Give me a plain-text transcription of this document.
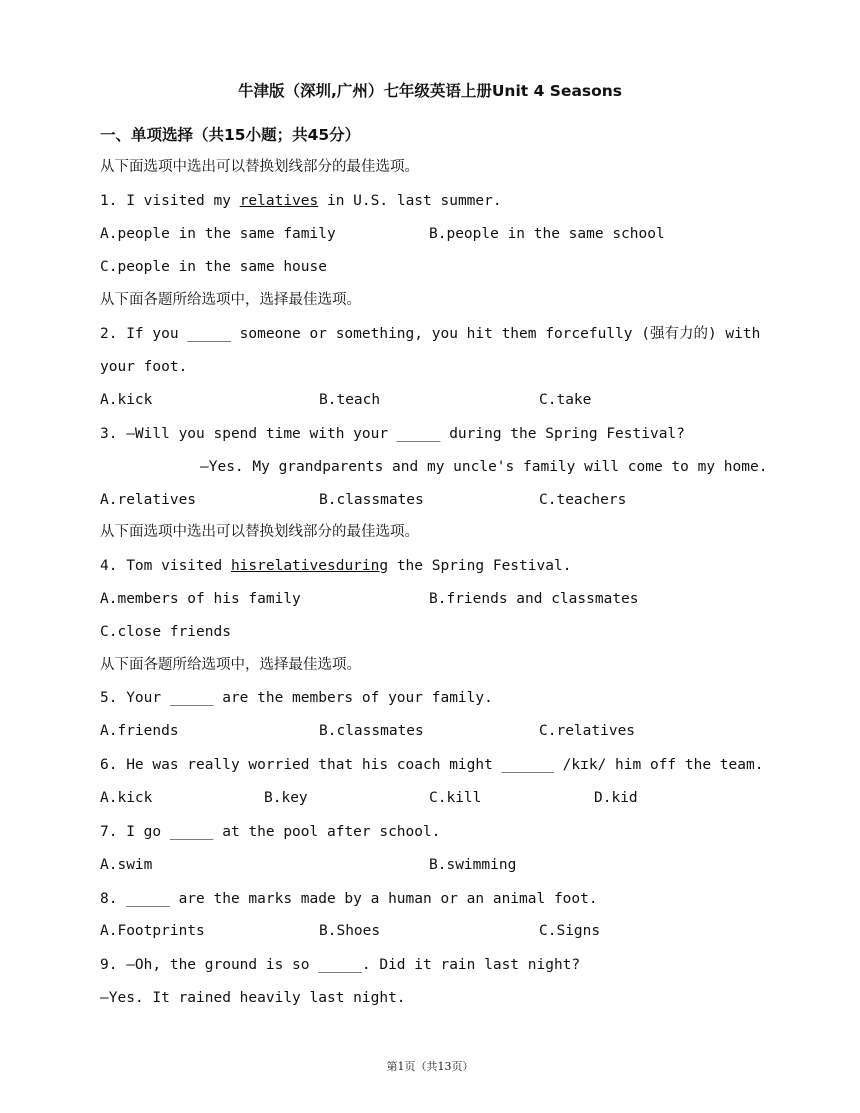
牛津版（深圳,广州）七年级英语上册Unit 4 Seasons
一、单项选择（共15小题；共45分）
从下面选项中选出可以替换划线部分的最佳选项。
1. I visited my relatives in U.S. last summer.
A.people in the same family	B.people in the same school
C.people in the same house
从下面各题所给选项中，选择最佳选项。
2. If you _____ someone or something, you hit them forcefully (强有力的) with
your foot.
A.kick	B.teach	C.take
3. —Will you spend time with your _____ during the Spring Festival?
—Yes. My grandparents and my uncle's family will come to my home.
A.relatives	B.classmates	C.teachers
从下面选项中选出可以替换划线部分的最佳选项。
4. Tom visited hisrelativesduring the Spring Festival.
A.members of his family	B.friends and classmates
C.close friends
从下面各题所给选项中，选择最佳选项。
5. Your _____ are the members of your family.
A.friends	B.classmates	C.relatives
6. He was really worried that his coach might ______ /kɪk/ him off the team.
A.kick	B.key	C.kill	D.kid
7. I go _____ at the pool after school.
A.swim	B.swimming
8. _____ are the marks made by a human or an animal foot.
A.Footprints	B.Shoes	C.Signs
9. —Oh, the ground is so _____. Did it rain last night?
—Yes. It rained heavily last night.
第1页（共13页）
